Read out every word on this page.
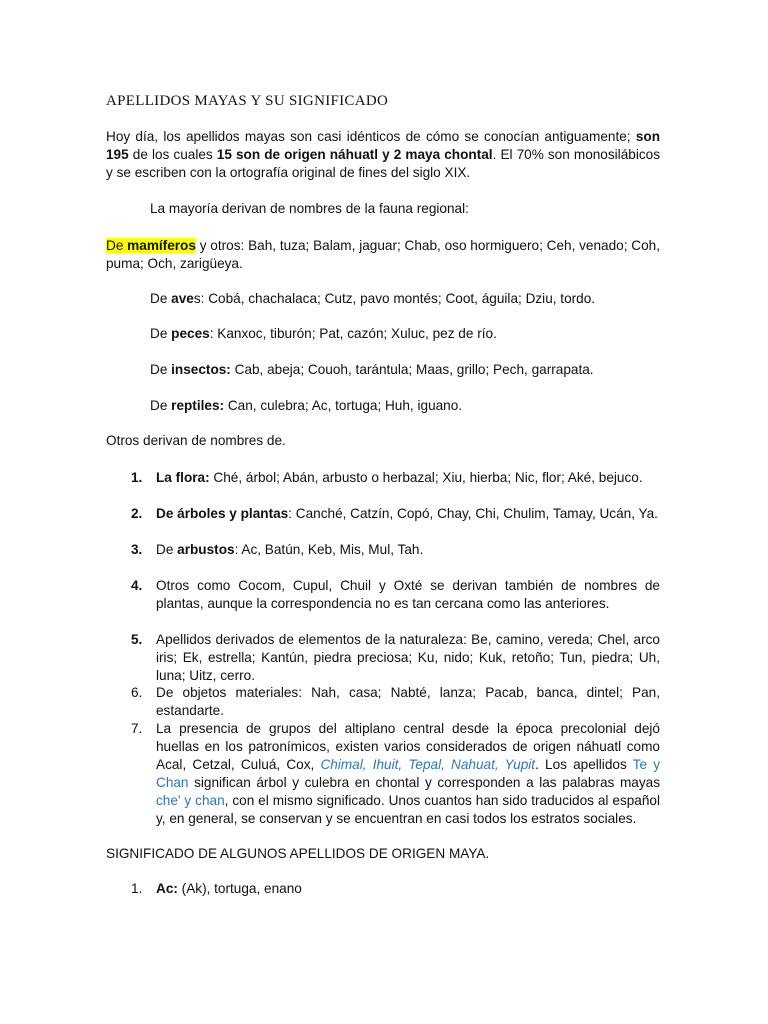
APELLIDOS MAYAS Y SU SIGNIFICADO

Hoy día, los apellidos mayas son casi idénticos de cómo se conocían antiguamente; son 195 de los cuales 15 son de origen náhuatl y 2 maya chontal. El 70% son monosilábicos y se escriben con la ortografía original de fines del siglo XIX.

La mayoría derivan de nombres de la fauna regional:

De mamíferos y otros: Bah, tuza; Balam, jaguar; Chab, oso hormiguero; Ceh, venado; Coh, puma; Och, zarigüeya.

De aves: Cobá, chachalaca; Cutz, pavo montés; Coot, águila; Dziu, tordo.

De peces: Kanxoc, tiburón; Pat, cazón; Xuluc, pez de río.

De insectos: Cab, abeja; Couoh, tarántula; Maas, grillo; Pech, garrapata.

De reptiles: Can, culebra; Ac, tortuga; Huh, iguano.

Otros derivan de nombres de.

1.	La flora: Ché, árbol; Abán, arbusto o herbazal; Xiu, hierba; Nic, flor; Aké, bejuco.

2.	De árboles y plantas: Canché, Catzín, Copó, Chay, Chi, Chulim, Tamay, Ucán, Ya.

3.	De arbustos: Ac, Batún, Keb, Mis, Mul, Tah.

4.	Otros como Cocom, Cupul, Chuil y Oxté se derivan también de nombres de plantas, aunque la correspondencia no es tan cercana como las anteriores.

5.	Apellidos derivados de elementos de la naturaleza: Be, camino, vereda; Chel, arco iris; Ek, estrella; Kantún, piedra preciosa; Ku, nido; Kuk, retoño; Tun, piedra; Uh, luna; Uitz, cerro.

6.	De objetos materiales: Nah, casa; Nabté, lanza; Pacab, banca, dintel; Pan, estandarte.

7.	La presencia de grupos del altiplano central desde la época precolonial dejó huellas en los patronímicos, existen varios considerados de origen náhuatl como Acal, Cetzal, Culuá, Cox, Chimal, Ihuit, Tepal, Nahuat, Yupit. Los apellidos Te y Chan significan árbol y culebra en chontal y corresponden a las palabras mayas che' y chan, con el mismo significado. Unos cuantos han sido traducidos al español y, en general, se conservan y se encuentran en casi todos los estratos sociales.

SIGNIFICADO DE ALGUNOS APELLIDOS DE ORIGEN MAYA.

1.	Ac: (Ak), tortuga, enano
